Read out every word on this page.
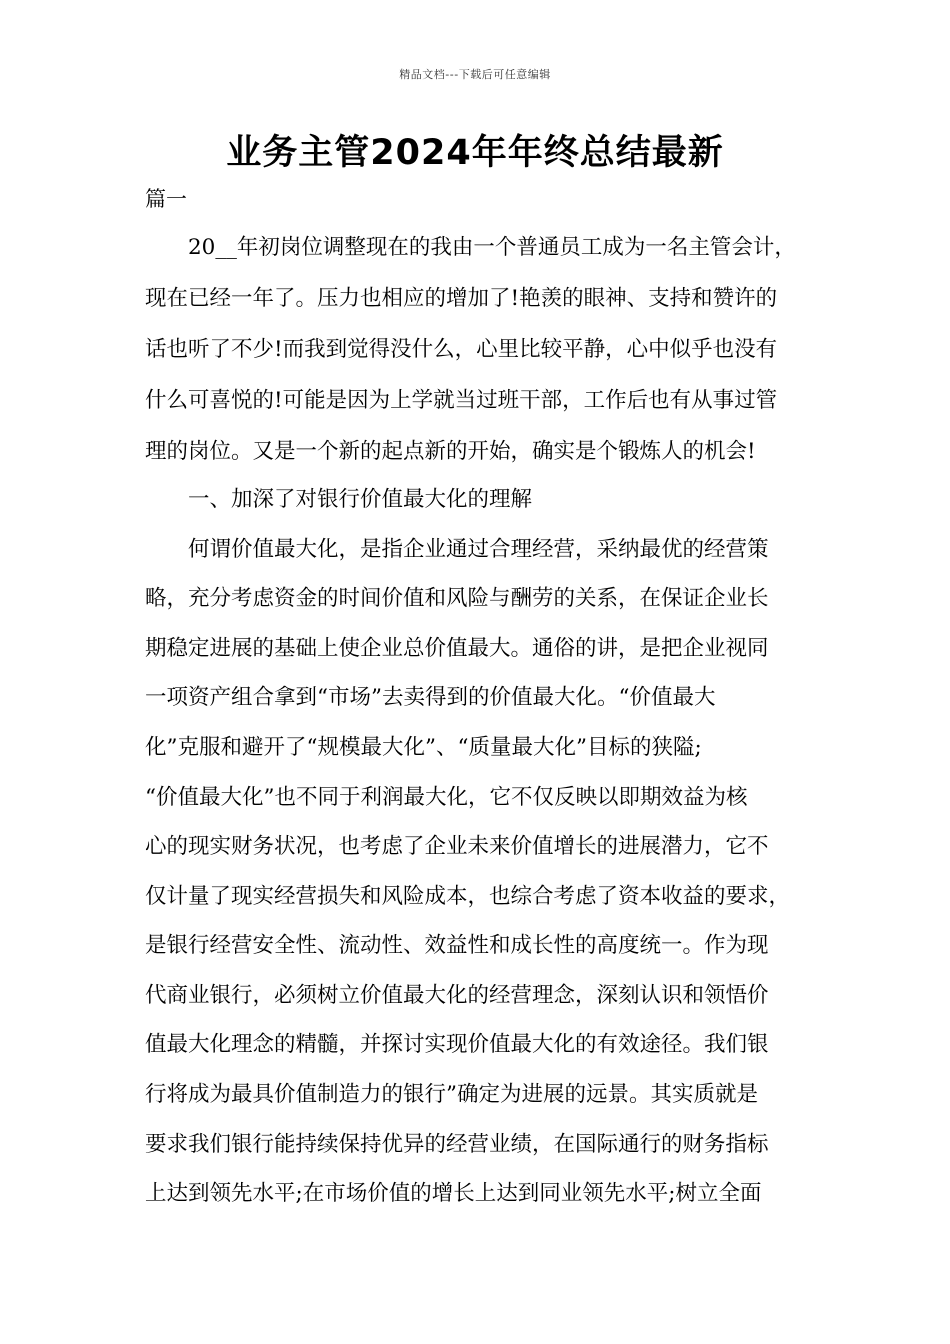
精品文档---下载后可任意编辑
业务主管2024年年终总结最新
篇一
　　20__年初岗位调整现在的我由一个普通员工成为一名主管会计，
现在已经一年了。压力也相应的增加了!艳羡的眼神、支持和赞许的
话也听了不少!而我到觉得没什么，心里比较平静，心中似乎也没有
什么可喜悦的!可能是因为上学就当过班干部，工作后也有从事过管
理的岗位。又是一个新的起点新的开始，确实是个锻炼人的机会!
　　一、加深了对银行价值最大化的理解
　　何谓价值最大化，是指企业通过合理经营，采纳最优的经营策
略，充分考虑资金的时间价值和风险与酬劳的关系，在保证企业长
期稳定进展的基础上使企业总价值最大。通俗的讲，是把企业视同
一项资产组合拿到“市场”去卖得到的价值最大化。“价值最大
化”克服和避开了“规模最大化”、“质量最大化”目标的狭隘;
“价值最大化”也不同于利润最大化，它不仅反映以即期效益为核
心的现实财务状况，也考虑了企业未来价值增长的进展潜力，它不
仅计量了现实经营损失和风险成本，也综合考虑了资本收益的要求，
是银行经营安全性、流动性、效益性和成长性的高度统一。作为现
代商业银行，必须树立价值最大化的经营理念，深刻认识和领悟价
值最大化理念的精髓，并探讨实现价值最大化的有效途径。我们银
行将成为最具价值制造力的银行”确定为进展的远景。其实质就是
要求我们银行能持续保持优异的经营业绩，在国际通行的财务指标
上达到领先水平;在市场价值的增长上达到同业领先水平;树立全面
